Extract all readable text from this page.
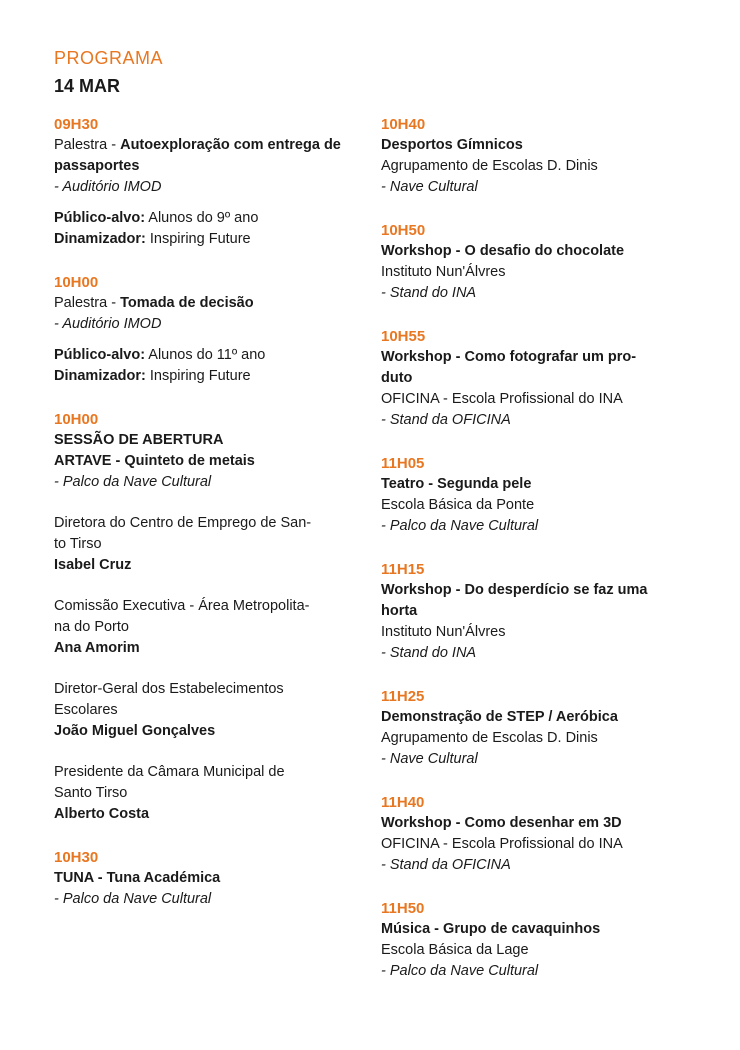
PROGRAMA
14 MAR
09H30
Palestra - Autoexploração com entrega de passaportes
- Auditório IMOD
Público-alvo: Alunos do 9º ano
Dinamizador: Inspiring Future
10H00
Palestra - Tomada de decisão
- Auditório IMOD
Público-alvo: Alunos do 11º ano
Dinamizador: Inspiring Future
10H00
SESSÃO DE ABERTURA
ARTAVE - Quinteto de metais
- Palco da Nave Cultural
Diretora do Centro de Emprego de San-
to Tirso
Isabel Cruz
Comissão Executiva - Área Metropolita-
na do Porto
Ana Amorim
Diretor-Geral dos Estabelecimentos
Escolares
João Miguel Gonçalves
Presidente da Câmara Municipal de
Santo Tirso
Alberto Costa
10H30
TUNA - Tuna Académica
- Palco da Nave Cultural
10H40
Desportos Gímnicos
Agrupamento de Escolas D. Dinis
- Nave Cultural
10H50
Workshop - O desafio do chocolate
Instituto Nun'Álvres
- Stand do INA
10H55
Workshop - Como fotografar um pro-
duto
OFICINA - Escola Profissional do INA
- Stand da OFICINA
11H05
Teatro - Segunda pele
Escola Básica da Ponte
- Palco da Nave Cultural
11H15
Workshop - Do desperdício se faz uma
horta
Instituto Nun'Álvres
- Stand do INA
11H25
Demonstração de STEP / Aeróbica
Agrupamento de Escolas D. Dinis
- Nave Cultural
11H40
Workshop - Como desenhar em 3D
OFICINA - Escola Profissional do INA
- Stand da OFICINA
11H50
Música - Grupo de cavaquinhos
Escola Básica da Lage
- Palco da Nave Cultural
